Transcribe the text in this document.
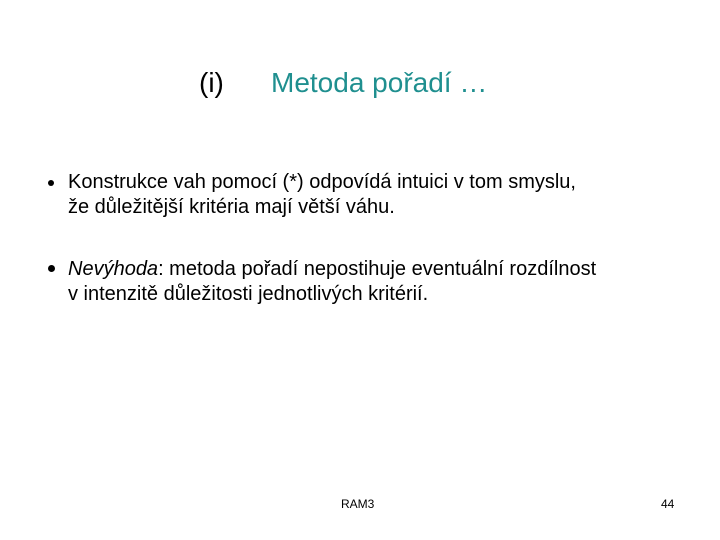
(i) Metoda pořadí …
Konstrukce vah pomocí (*) odpovídá intuici v tom smyslu,
že důležitější kritéria mají větší váhu.
Nevýhoda: metoda pořadí nepostihuje eventuální rozdílnost
v intenzitě důležitosti jednotlivých kritérií.
RAM3	44
